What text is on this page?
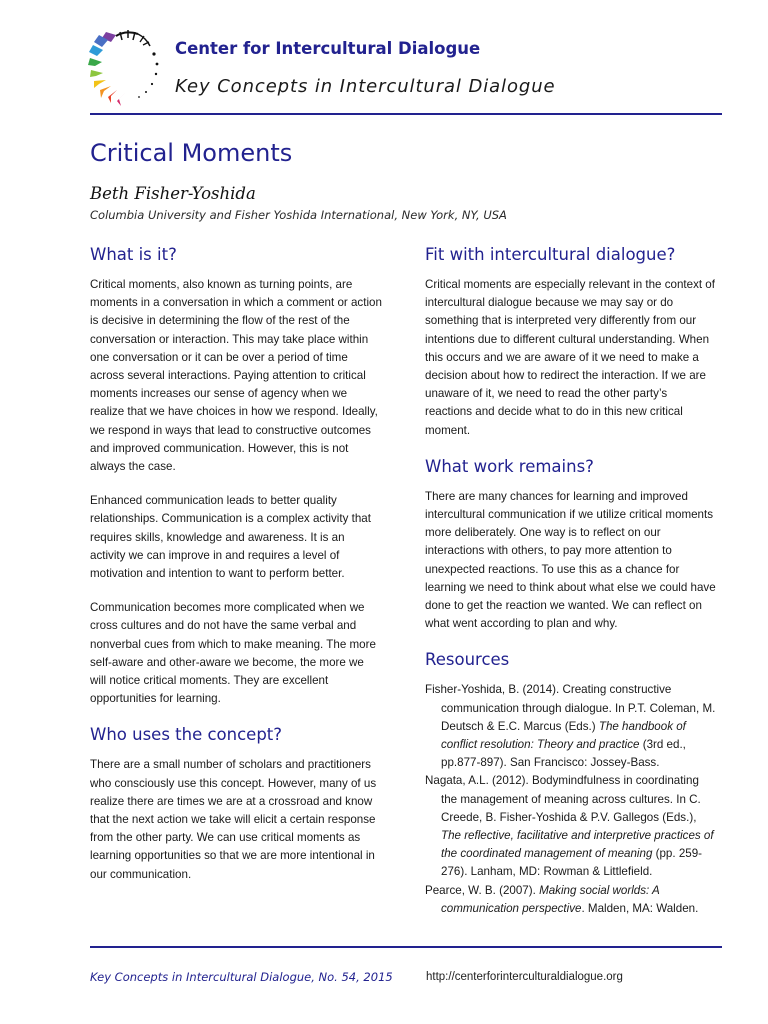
Center for Intercultural Dialogue
Key Concepts in Intercultural Dialogue
Critical Moments
Beth Fisher-Yoshida
Columbia University and Fisher Yoshida International, New York, NY, USA
What is it?

Critical moments, also known as turning points, are moments in a conversation in which a comment or action is decisive in determining the flow of the rest of the conversation or interaction. This may take place within one conversation or it can be over a period of time across several interactions. Paying attention to critical moments increases our sense of agency when we realize that we have choices in how we respond. Ideally, we respond in ways that lead to constructive outcomes and improved communication. However, this is not always the case.

Enhanced communication leads to better quality relationships. Communication is a complex activity that requires skills, knowledge and awareness. It is an activity we can improve in and requires a level of motivation and intention to want to perform better.

Communication becomes more complicated when we cross cultures and do not have the same verbal and nonverbal cues from which to make meaning. The more self-aware and other-aware we become, the more we will notice critical moments. They are excellent opportunities for learning.

Who uses the concept?

There are a small number of scholars and practitioners who consciously use this concept. However, many of us realize there are times we are at a crossroad and know that the next action we take will elicit a certain response from the other party. We can use critical moments as learning opportunities so that we are more intentional in our communication.

Fit with intercultural dialogue?

Critical moments are especially relevant in the context of intercultural dialogue because we may say or do something that is interpreted very differently from our intentions due to different cultural understanding. When this occurs and we are aware of it we need to make a decision about how to redirect the interaction. If we are unaware of it, we need to read the other party’s reactions and decide what to do in this new critical moment.

What work remains?

There are many chances for learning and improved intercultural communication if we utilize critical moments more deliberately. One way is to reflect on our interactions with others, to pay more attention to unexpected reactions. To use this as a chance for learning we need to think about what else we could have done to get the reaction we wanted. We can reflect on what went according to plan and why.

Resources
Fisher-Yoshida, B. (2014). Creating constructive communication through dialogue. In P.T. Coleman, M. Deutsch & E.C. Marcus (Eds.) The handbook of conflict resolution: Theory and practice (3rd ed., pp.877-897). San Francisco: Jossey-Bass.
Nagata, A.L. (2012). Bodymindfulness in coordinating the management of meaning across cultures. In C. Creede, B. Fisher-Yoshida & P.V. Gallegos (Eds.), The reflective, facilitative and interpretive practices of the coordinated management of meaning (pp. 259-276). Lanham, MD: Rowman & Littlefield.
Pearce, W. B. (2007). Making social worlds: A communication perspective. Malden, MA: Walden.
Key Concepts in Intercultural Dialogue, No. 54, 2015	http://centerforinterculturaldialogue.org
